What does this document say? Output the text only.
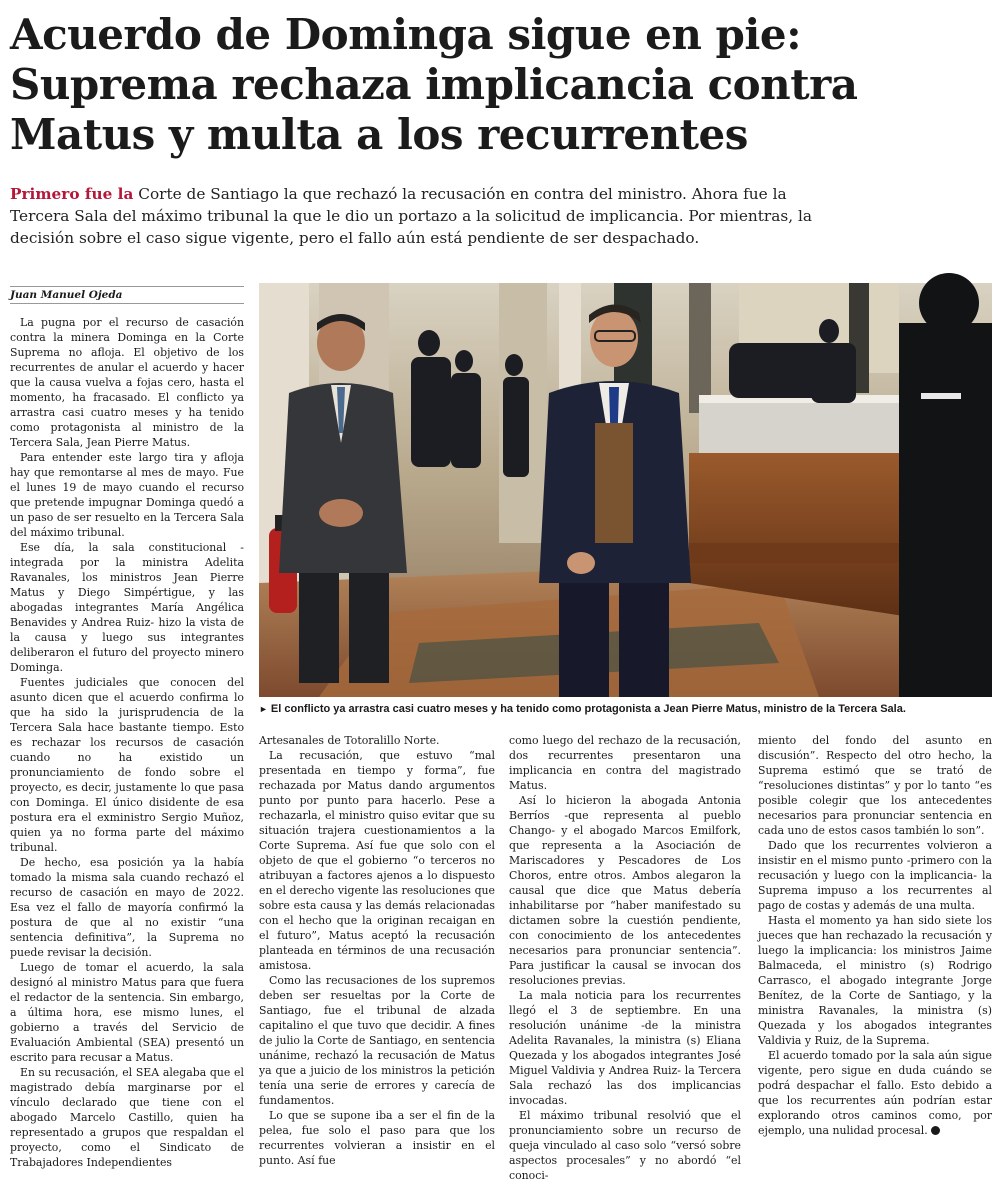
Acuerdo de Dominga sigue en pie:
Suprema rechaza implicancia contra
Matus y multa a los recurrentes

Primero fue la Corte de Santiago la que rechazó la recusación en contra del ministro. Ahora fue la Tercera Sala del máximo tribunal la que le dio un portazo a la solicitud de implicancia. Por mientras, la decisión sobre el caso sigue vigente, pero el fallo aún está pendiente de ser despachado.

Juan Manuel Ojeda
► El conflicto ya arrastra casi cuatro meses y ha tenido como protagonista a Jean Pierre Matus, ministro de la Tercera Sala.

La pugna por el recurso de casación contra la minera Dominga en la Corte Suprema no afloja. El objetivo de los recurrentes de anular el acuerdo y hacer que la causa vuelva a fojas cero, hasta el momento, ha fracasado. El conflicto ya arrastra casi cuatro meses y ha tenido como protagonista al ministro de la Tercera Sala, Jean Pierre Matus.

Para entender este largo tira y afloja hay que remontarse al mes de mayo. Fue el lunes 19 de mayo cuando el recurso que pretende impugnar Dominga quedó a un paso de ser resuelto en la Tercera Sala del máximo tribunal.

Ese día, la sala constitucional -integrada por la ministra Adelita Ravanales, los ministros Jean Pierre Matus y Diego Simpértigue, y las abogadas integrantes María Angélica Benavides y Andrea Ruiz- hizo la vista de la causa y luego sus integrantes deliberaron el futuro del proyecto minero Dominga.

Fuentes judiciales que conocen del asunto dicen que el acuerdo confirma lo que ha sido la jurisprudencia de la Tercera Sala hace bastante tiempo. Esto es rechazar los recursos de casación cuando no ha existido un pronunciamiento de fondo sobre el proyecto, es decir, justamente lo que pasa con Dominga. El único disidente de esa postura era el exministro Sergio Muñoz, quien ya no forma parte del máximo tribunal.

De hecho, esa posición ya la había tomado la misma sala cuando rechazó el recurso de casación en mayo de 2022. Esa vez el fallo de mayoría confirmó la postura de que al no existir “una sentencia definitiva”, la Suprema no puede revisar la decisión.

Luego de tomar el acuerdo, la sala designó al ministro Matus para que fuera el redactor de la sentencia. Sin embargo, a última hora, ese mismo lunes, el gobierno a través del Servicio de Evaluación Ambiental (SEA) presentó un escrito para recusar a Matus.

En su recusación, el SEA alegaba que el magistrado debía marginarse por el vínculo declarado que tiene con el abogado Marcelo Castillo, quien ha representado a grupos que respaldan el proyecto, como el Sindicato de Trabajadores Independientes

Artesanales de Totoralillo Norte.

La recusación, que estuvo “mal presentada en tiempo y forma”, fue rechazada por Matus dando argumentos punto por punto para hacerlo. Pese a rechazarla, el ministro quiso evitar que su situación trajera cuestionamientos a la Corte Suprema. Así fue que solo con el objeto de que el gobierno “o terceros no atribuyan a factores ajenos a lo dispuesto en el derecho vigente las resoluciones que sobre esta causa y las demás relacionadas con el hecho que la originan recaigan en el futuro”, Matus aceptó la recusación planteada en términos de una recusación amistosa.

Como las recusaciones de los supremos deben ser resueltas por la Corte de Santiago, fue el tribunal de alzada capitalino el que tuvo que decidir. A fines de julio la Corte de Santiago, en sentencia unánime, rechazó la recusación de Matus ya que a juicio de los ministros la petición tenía una serie de errores y carecía de fundamentos.

Lo que se supone iba a ser el fin de la pelea, fue solo el paso para que los recurrentes volvieran a insistir en el punto. Así fue

como luego del rechazo de la recusación, dos recurrentes presentaron una implicancia en contra del magistrado Matus.

Así lo hicieron la abogada Antonia Berríos -que representa al pueblo Chango- y el abogado Marcos Emilfork, que representa a la Asociación de Mariscadores y Pescadores de Los Choros, entre otros. Ambos alegaron la causal que dice que Matus debería inhabilitarse por “haber manifestado su dictamen sobre la cuestión pendiente, con conocimiento de los antecedentes necesarios para pronunciar sentencia”. Para justificar la causal se invocan dos resoluciones previas.

La mala noticia para los recurrentes llegó el 3 de septiembre. En una resolución unánime -de la ministra Adelita Ravanales, la ministra (s) Eliana Quezada y los abogados integrantes José Miguel Valdivia y Andrea Ruiz- la Tercera Sala rechazó las dos implicancias invocadas.

El máximo tribunal resolvió que el pronunciamiento sobre un recurso de queja vinculado al caso solo “versó sobre aspectos procesales” y no abordó “el conoci-

miento del fondo del asunto en discusión”. Respecto del otro hecho, la Suprema estimó que se trató de “resoluciones distintas” y por lo tanto “es posible colegir que los antecedentes necesarios para pronunciar sentencia en cada uno de estos casos también lo son”.

Dado que los recurrentes volvieron a insistir en el mismo punto -primero con la recusación y luego con la implicancia- la Suprema impuso a los recurrentes al pago de costas y además de una multa.

Hasta el momento ya han sido siete los jueces que han rechazado la recusación y luego la implicancia: los ministros Jaime Balmaceda, el ministro (s) Rodrigo Carrasco, el abogado integrante Jorge Benítez, de la Corte de Santiago, y la ministra Ravanales, la ministra (s) Quezada y los abogados integrantes Valdivia y Ruiz, de la Suprema.

El acuerdo tomado por la sala aún sigue vigente, pero sigue en duda cuándo se podrá despachar el fallo. Esto debido a que los recurrentes aún podrían estar explorando otros caminos como, por ejemplo, una nulidad procesal.
